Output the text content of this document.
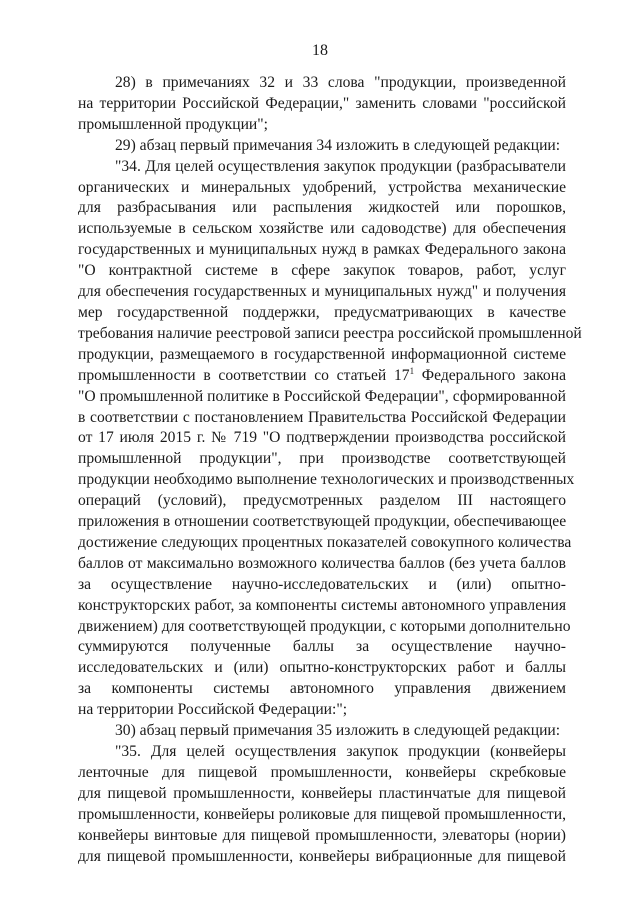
18
28) в примечаниях 32 и 33 слова "продукции, произведенной
на территории Российской Федерации," заменить словами "российской
промышленной продукции";
29) абзац первый примечания 34 изложить в следующей редакции:
"34. Для целей осуществления закупок продукции (разбрасыватели
органических и минеральных удобрений, устройства механические
для разбрасывания или распыления жидкостей или порошков,
используемые в сельском хозяйстве или садоводстве) для обеспечения
государственных и муниципальных нужд в рамках Федерального закона
"О контрактной системе в сфере закупок товаров, работ, услуг
для обеспечения государственных и муниципальных нужд" и получения
мер государственной поддержки, предусматривающих в качестве
требования наличие реестровой записи реестра российской промышленной
продукции, размещаемого в государственной информационной системе
промышленности в соответствии со статьей $17^1$ Федерального закона
"О промышленной политике в Российской Федерации", сформированной
в соответствии с постановлением Правительства Российской Федерации
от 17 июля 2015 г. № 719 "О подтверждении производства российской
промышленной продукции", при производстве соответствующей
продукции необходимо выполнение технологических и производственных
операций (условий), предусмотренных разделом III настоящего
приложения в отношении соответствующей продукции, обеспечивающее
достижение следующих процентных показателей совокупного количества
баллов от максимально возможного количества баллов (без учета баллов
за осуществление научно-исследовательских и (или) опытно-
конструкторских работ, за компоненты системы автономного управления
движением) для соответствующей продукции, с которыми дополнительно
суммируются полученные баллы за осуществление научно-
исследовательских и (или) опытно-конструкторских работ и баллы
за компоненты системы автономного управления движением
на территории Российской Федерации:";
30) абзац первый примечания 35 изложить в следующей редакции:
"35. Для целей осуществления закупок продукции (конвейеры
ленточные для пищевой промышленности, конвейеры скребковые
для пищевой промышленности, конвейеры пластинчатые для пищевой
промышленности, конвейеры роликовые для пищевой промышленности,
конвейеры винтовые для пищевой промышленности, элеваторы (нории)
для пищевой промышленности, конвейеры вибрационные для пищевой
